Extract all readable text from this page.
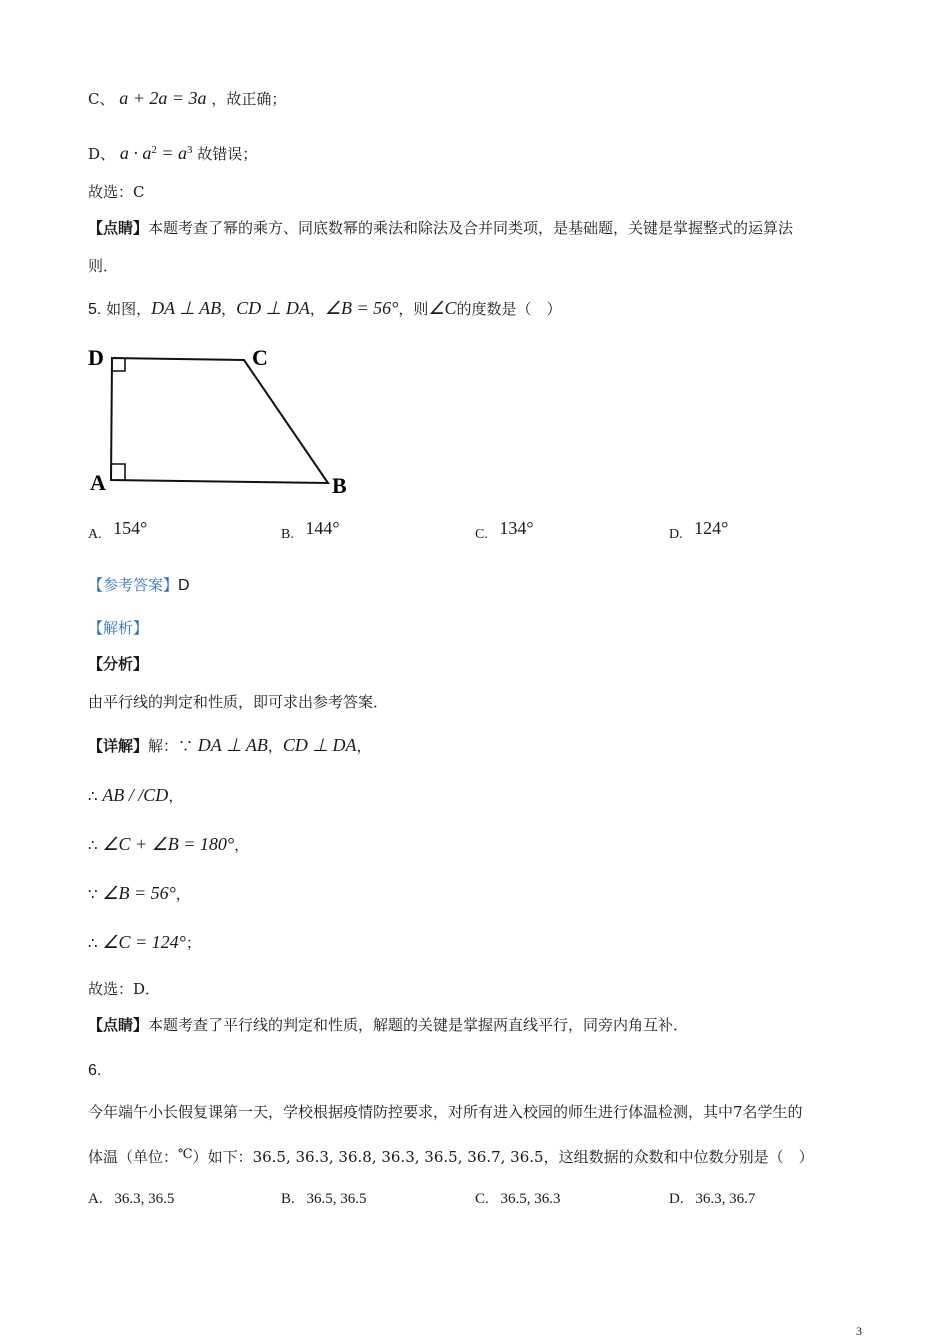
C、 a + 2a = 3a ，故正确；
D、 $a \cdot a^2 = a^3$ 故错误；
故选：C
【点睛】本题考查了幂的乘方、同底数幂的乘法和除法及合并同类项，是基础题，关键是掌握整式的运算法
则．
5. 如图，DA ⊥ AB，CD ⊥ DA，∠B = 56°，则∠C的度数是（　）
D	C
A	B
A. 154°	B. 144°	C. 134°	D. 124°
【参考答案】D
【解析】
【分析】
由平行线的判定和性质，即可求出参考答案．
【详解】解：∵ DA ⊥ AB，CD ⊥ DA，
∴ AB / /CD，
∴ ∠C + ∠B = 180°，
∵ ∠B = 56°，
∴ ∠C = 124°；
故选：D．
【点睛】本题考查了平行线的判定和性质，解题的关键是掌握两直线平行，同旁内角互补．
6.
今年端午小长假复课第一天，学校根据疫情防控要求，对所有进入校园的师生进行体温检测，其中7名学生的
体温（单位：℃）如下：36.5, 36.3, 36.8, 36.3, 36.5, 36.7, 36.5，这组数据的众数和中位数分别是（　）
A. 36.3, 36.5	B. 36.5, 36.5	C. 36.5, 36.3	D. 36.3, 36.7
3
